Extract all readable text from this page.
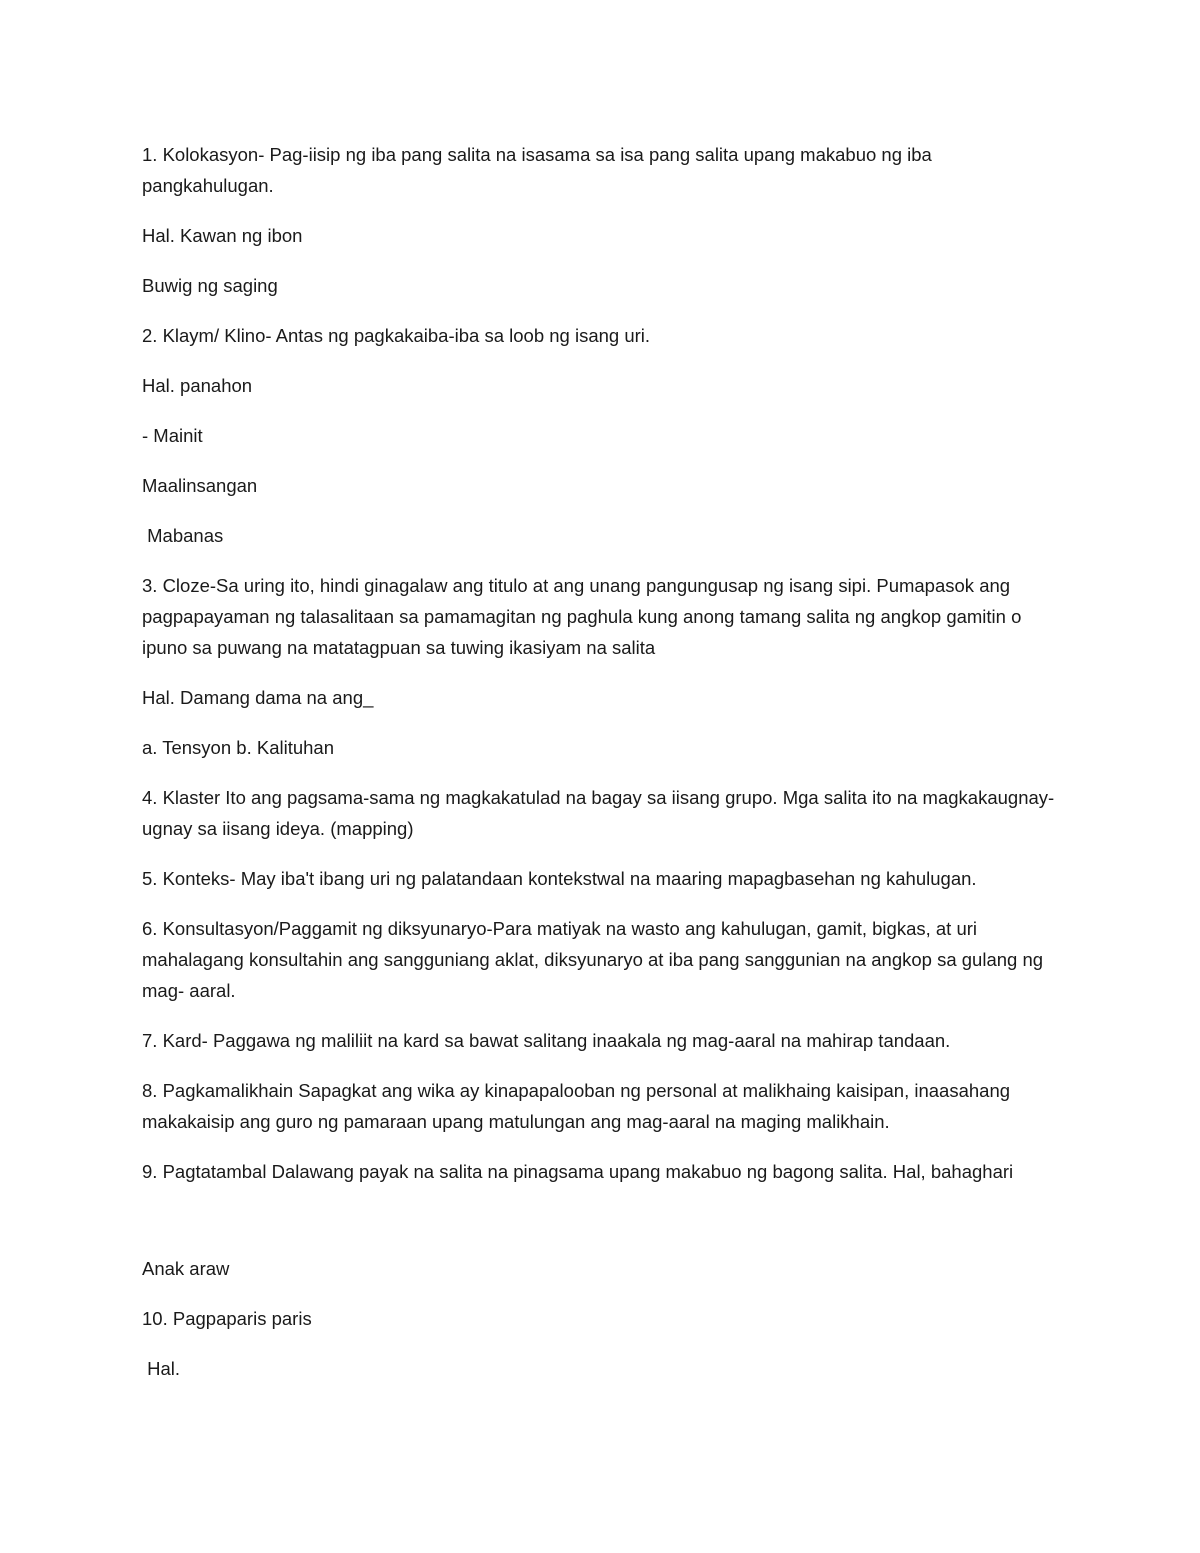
1. Kolokasyon- Pag-iisip ng iba pang salita na isasama sa isa pang salita upang makabuo ng iba pangkahulugan.

Hal. Kawan ng ibon

Buwig ng saging

2. Klaym/ Klino- Antas ng pagkakaiba-iba sa loob ng isang uri.

Hal. panahon

- Mainit

Maalinsangan

Mabanas

3. Cloze-Sa uring ito, hindi ginagalaw ang titulo at ang unang pangungusap ng isang sipi. Pumapasok ang pagpapayaman ng talasalitaan sa pamamagitan ng paghula kung anong tamang salita ng angkop gamitin o ipuno sa puwang na matatagpuan sa tuwing ikasiyam na salita

Hal. Damang dama na ang_

a. Tensyon b. Kalituhan

4. Klaster Ito ang pagsama-sama ng magkakatulad na bagay sa iisang grupo. Mga salita ito na magkakaugnay-ugnay sa iisang ideya. (mapping)

5. Konteks- May iba't ibang uri ng palatandaan kontekstwal na maaring mapagbasehan ng kahulugan.

6. Konsultasyon/Paggamit ng diksyunaryo-Para matiyak na wasto ang kahulugan, gamit, bigkas, at uri mahalagang konsultahin ang sangguniang aklat, diksyunaryo at iba pang sanggunian na angkop sa gulang ng mag- aaral.

7. Kard- Paggawa ng maliliit na kard sa bawat salitang inaakala ng mag-aaral na mahirap tandaan.

8. Pagkamalikhain Sapagkat ang wika ay kinapapalooban ng personal at malikhaing kaisipan, inaasahang makakaisip ang guro ng pamaraan upang matulungan ang mag-aaral na maging malikhain.

9. Pagtatambal Dalawang payak na salita na pinagsama upang makabuo ng bagong salita. Hal, bahaghari

Anak araw

10. Pagpaparis paris

Hal.
